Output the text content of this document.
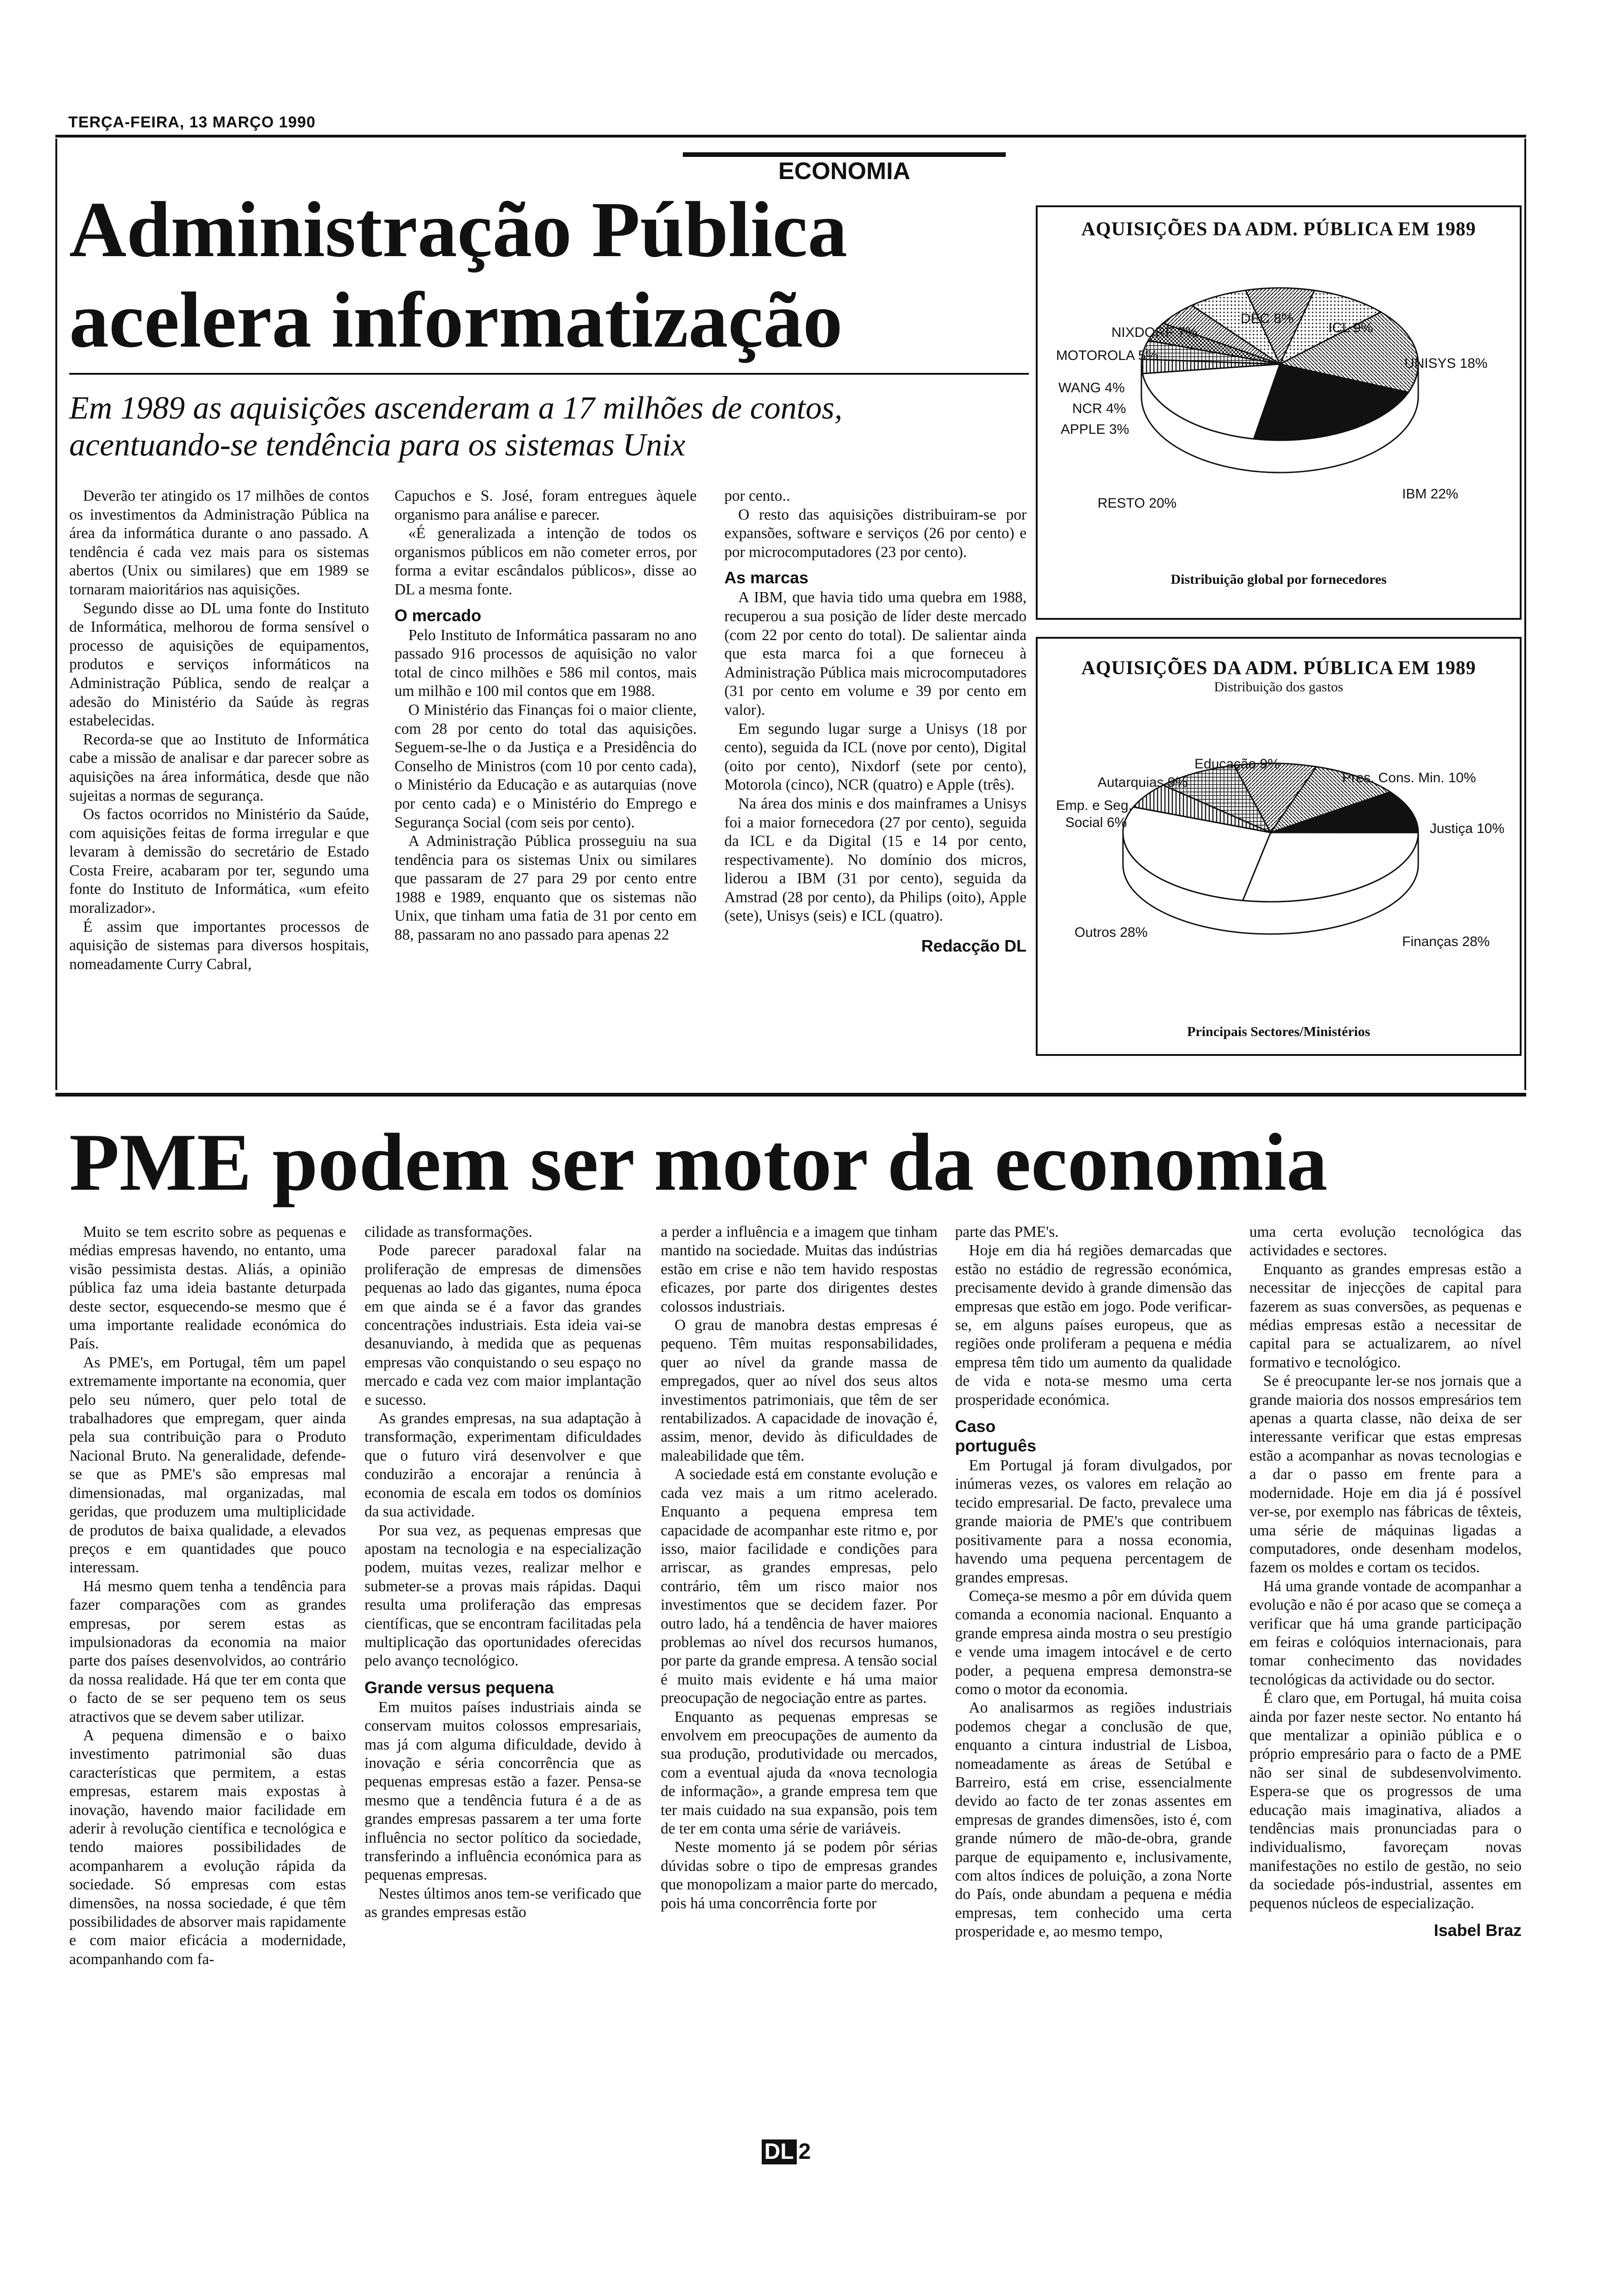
TERÇA-FEIRA, 13 MARÇO 1990
ECONOMIA
Administração Pública
acelera informatização
Em 1989 as aquisições ascenderam a 17 milhões de contos,
acentuando-se tendência para os sistemas Unix

Deverão ter atingido os 17 milhões de contos os investimentos da Administração Pública na área da informática durante o ano passado. A tendência é cada vez mais para os sistemas abertos (Unix ou similares) que em 1989 se tornaram maioritários nas aquisições.

Segundo disse ao DL uma fonte do Instituto de Informática, melhorou de forma sensível o processo de aquisições de equipamentos, produtos e serviços informáticos na Administração Pública, sendo de realçar a adesão do Ministério da Saúde às regras estabelecidas.

Recorda-se que ao Instituto de Informática cabe a missão de analisar e dar parecer sobre as aquisições na área informática, desde que não sujeitas a normas de segurança.

Os factos ocorridos no Ministério da Saúde, com aquisições feitas de forma irregular e que levaram à demissão do secretário de Estado Costa Freire, acabaram por ter, segundo uma fonte do Instituto de Informática, «um efeito moralizador».

É assim que importantes processos de aquisição de sistemas para diversos hospitais, nomeadamente Curry Cabral,

Capuchos e S. José, foram entregues àquele organismo para análise e parecer.

«É generalizada a intenção de todos os organismos públicos em não cometer erros, por forma a evitar escândalos públicos», disse ao DL a mesma fonte.

O mercado

Pelo Instituto de Informática passaram no ano passado 916 processos de aquisição no valor total de cinco milhões e 586 mil contos, mais um milhão e 100 mil contos que em 1988.

O Ministério das Finanças foi o maior cliente, com 28 por cento do total das aquisições. Seguem-se-lhe o da Justiça e a Presidência do Conselho de Ministros (com 10 por cento cada), o Ministério da Educação e as autarquias (nove por cento cada) e o Ministério do Emprego e Segurança Social (com seis por cento).

A Administração Pública prosseguiu na sua tendência para os sistemas Unix ou similares que passaram de 27 para 29 por cento entre 1988 e 1989, enquanto que os sistemas não Unix, que tinham uma fatia de 31 por cento em 88, passaram no ano passado para apenas 22

por cento..

O resto das aquisições distribuiram-se por expansões, software e serviços (26 por cento) e por microcomputadores (23 por cento).

As marcas

A IBM, que havia tido uma quebra em 1988, recuperou a sua posição de líder deste mercado (com 22 por cento do total). De salientar ainda que esta marca foi a que forneceu à Administração Pública mais microcomputadores (31 por cento em volume e 39 por cento em valor).

Em segundo lugar surge a Unisys (18 por cento), seguida da ICL (nove por cento), Digital (oito por cento), Nixdorf (sete por cento), Motorola (cinco), NCR (quatro) e Apple (três).

Na área dos minis e dos mainframes a Unisys foi a maior fornecedora (27 por cento), seguida da ICL e da Digital (15 e 14 por cento, respectivamente). No domínio dos micros, liderou a IBM (31 por cento), seguida da Amstrad (28 por cento), da Philips (oito), Apple (sete), Unisys (seis) e ICL (quatro).

Redacção DL
AQUISIÇÕES DA ADM. PÚBLICA EM 1989
DEC 8%
ICL 9%
NIXDORF 7%
MOTOROLA 5%
UNISYS 18%
WANG 4%
NCR 4%
APPLE 3%
RESTO 20%
IBM 22%
Distribuição global por fornecedores
AQUISIÇÕES DA ADM. PÚBLICA EM 1989
Distribuição dos gastos
Educação 9%
Autarquias 9%	Pres. Cons. Min. 10%
Emp. e Seg.
Social 6%	Justiça 10%
Outros 28%
Finanças 28%
Principais Sectores/Ministérios
PME podem ser motor da economia

Muito se tem escrito sobre as pequenas e médias empresas havendo, no entanto, uma visão pessimista destas. Aliás, a opinião pública faz uma ideia bastante deturpada deste sector, esquecendo-se mesmo que é uma importante realidade económica do País.

As PME's, em Portugal, têm um papel extremamente importante na economia, quer pelo seu número, quer pelo total de trabalhadores que empregam, quer ainda pela sua contribuição para o Produto Nacional Bruto. Na generalidade, defende-se que as PME's são empresas mal dimensionadas, mal organizadas, mal geridas, que produzem uma multiplicidade de produtos de baixa qualidade, a elevados preços e em quantidades que pouco interessam.

Há mesmo quem tenha a tendência para fazer comparações com as grandes empresas, por serem estas as impulsionadoras da economia na maior parte dos países desenvolvidos, ao contrário da nossa realidade. Há que ter em conta que o facto de se ser pequeno tem os seus atractivos que se devem saber utilizar.

A pequena dimensão e o baixo investimento patrimonial são duas características que permitem, a estas empresas, estarem mais expostas à inovação, havendo maior facilidade em aderir à revolução científica e tecnológica e tendo maiores possibilidades de acompanharem a evolução rápida da sociedade. Só empresas com estas dimensões, na nossa sociedade, é que têm possibilidades de absorver mais rapidamente e com maior eficácia a modernidade, acompanhando com fa-

cilidade as transformações.

Pode parecer paradoxal falar na proliferação de empresas de dimensões pequenas ao lado das gigantes, numa época em que ainda se é a favor das grandes concentrações industriais. Esta ideia vai-se desanuviando, à medida que as pequenas empresas vão conquistando o seu espaço no mercado e cada vez com maior implantação e sucesso.

As grandes empresas, na sua adaptação à transformação, experimentam dificuldades que o futuro virá desenvolver e que conduzirão a encorajar a renúncia à economia de escala em todos os domínios da sua actividade.

Por sua vez, as pequenas empresas que apostam na tecnologia e na especialização podem, muitas vezes, realizar melhor e submeter-se a provas mais rápidas. Daqui resulta uma proliferação das empresas científicas, que se encontram facilitadas pela multiplicação das oportunidades oferecidas pelo avanço tecnológico.

Grande versus pequena

Em muitos países industriais ainda se conservam muitos colossos empresariais, mas já com alguma dificuldade, devido à inovação e séria concorrência que as pequenas empresas estão a fazer. Pensa-se mesmo que a tendência futura é a de as grandes empresas passarem a ter uma forte influência no sector político da sociedade, transferindo a influência económica para as pequenas empresas.

Nestes últimos anos tem-se verificado que as grandes empresas estão

a perder a influência e a imagem que tinham mantido na sociedade. Muitas das indústrias estão em crise e não tem havido respostas eficazes, por parte dos dirigentes destes colossos industriais.

O grau de manobra destas empresas é pequeno. Têm muitas responsabilidades, quer ao nível da grande massa de empregados, quer ao nível dos seus altos investimentos patrimoniais, que têm de ser rentabilizados. A capacidade de inovação é, assim, menor, devido às dificuldades de maleabilidade que têm.

A sociedade está em constante evolução e cada vez mais a um ritmo acelerado. Enquanto a pequena empresa tem capacidade de acompanhar este ritmo e, por isso, maior facilidade e condições para arriscar, as grandes empresas, pelo contrário, têm um risco maior nos investimentos que se decidem fazer. Por outro lado, há a tendência de haver maiores problemas ao nível dos recursos humanos, por parte da grande empresa. A tensão social é muito mais evidente e há uma maior preocupação de negociação entre as partes.

Enquanto as pequenas empresas se envolvem em preocupações de aumento da sua produção, produtividade ou mercados, com a eventual ajuda da «nova tecnologia de informação», a grande empresa tem que ter mais cuidado na sua expansão, pois tem de ter em conta uma série de variáveis.

Neste momento já se podem pôr sérias dúvidas sobre o tipo de empresas grandes que monopolizam a maior parte do mercado, pois há uma concorrência forte por

parte das PME's.

Hoje em dia há regiões demarcadas que estão no estádio de regressão económica, precisamente devido à grande dimensão das empresas que estão em jogo. Pode verificar-se, em alguns países europeus, que as regiões onde proliferam a pequena e média empresa têm tido um aumento da qualidade de vida e nota-se mesmo uma certa prosperidade económica.

Caso português

Em Portugal já foram divulgados, por inúmeras vezes, os valores em relação ao tecido empresarial. De facto, prevalece uma grande maioria de PME's que contribuem positivamente para a nossa economia, havendo uma pequena percentagem de grandes empresas.

Começa-se mesmo a pôr em dúvida quem comanda a economia nacional. Enquanto a grande empresa ainda mostra o seu prestígio e vende uma imagem intocável e de certo poder, a pequena empresa demonstra-se como o motor da economia.

Ao analisarmos as regiões industriais podemos chegar a conclusão de que, enquanto a cintura industrial de Lisboa, nomeadamente as áreas de Setúbal e Barreiro, está em crise, essencialmente devido ao facto de ter zonas assentes em empresas de grandes dimensões, isto é, com grande número de mão-de-obra, grande parque de equipamento e, inclusivamente, com altos índices de poluição, a zona Norte do País, onde abundam a pequena e média empresas, tem conhecido uma certa prosperidade e, ao mesmo tempo,

uma certa evolução tecnológica das actividades e sectores.

Enquanto as grandes empresas estão a necessitar de injecções de capital para fazerem as suas conversões, as pequenas e médias empresas estão a necessitar de capital para se actualizarem, ao nível formativo e tecnológico.

Se é preocupante ler-se nos jornais que a grande maioria dos nossos empresários tem apenas a quarta classe, não deixa de ser interessante verificar que estas empresas estão a acompanhar as novas tecnologias e a dar o passo em frente para a modernidade. Hoje em dia já é possível ver-se, por exemplo nas fábricas de têxteis, uma série de máquinas ligadas a computadores, onde desenham modelos, fazem os moldes e cortam os tecidos.

Há uma grande vontade de acompanhar a evolução e não é por acaso que se começa a verificar que há uma grande participação em feiras e colóquios internacionais, para tomar conhecimento das novidades tecnológicas da actividade ou do sector.

É claro que, em Portugal, há muita coisa ainda por fazer neste sector. No entanto há que mentalizar a opinião pública e o próprio empresário para o facto de a PME não ser sinal de subdesenvolvimento. Espera-se que os progressos de uma educação mais imaginativa, aliados a tendências mais pronunciadas para o individualismo, favoreçam novas manifestações no estilo de gestão, no seio da sociedade pós-industrial, assentes em pequenos núcleos de especialização.

Isabel Braz
DL 2
